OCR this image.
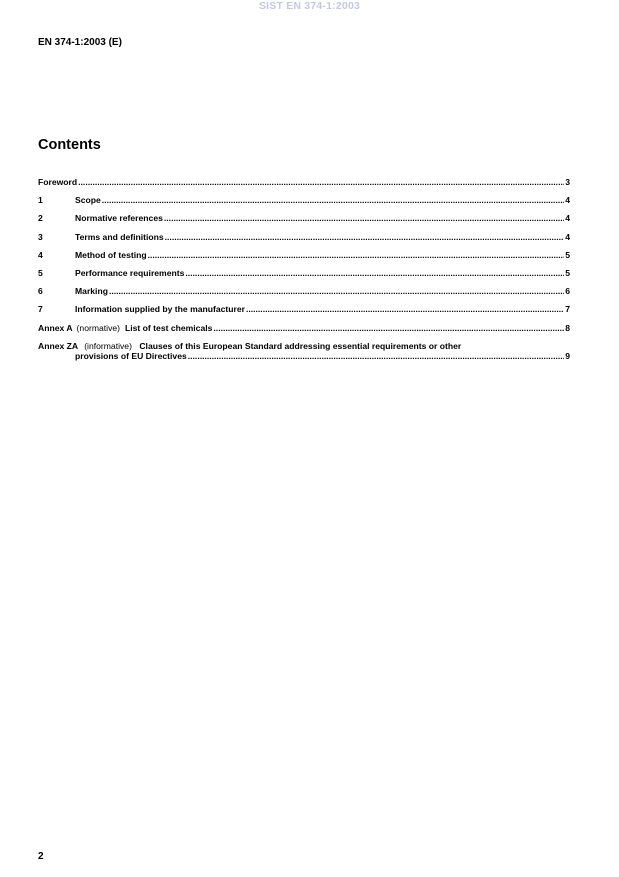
SIST EN 374-1:2003
EN 374-1:2003 (E)
Contents
Foreword .....	3
1	Scope .....	4
2	Normative references .....	4
3	Terms and definitions .....	4
4	Method of testing .....	5
5	Performance requirements .....	5
6	Marking .....	6
7	Information supplied by the manufacturer .....	7
Annex A (normative) List of test chemicals .....	8
Annex ZA (informative) Clauses of this European Standard addressing essential requirements or other
provisions of EU Directives .....	9
2
